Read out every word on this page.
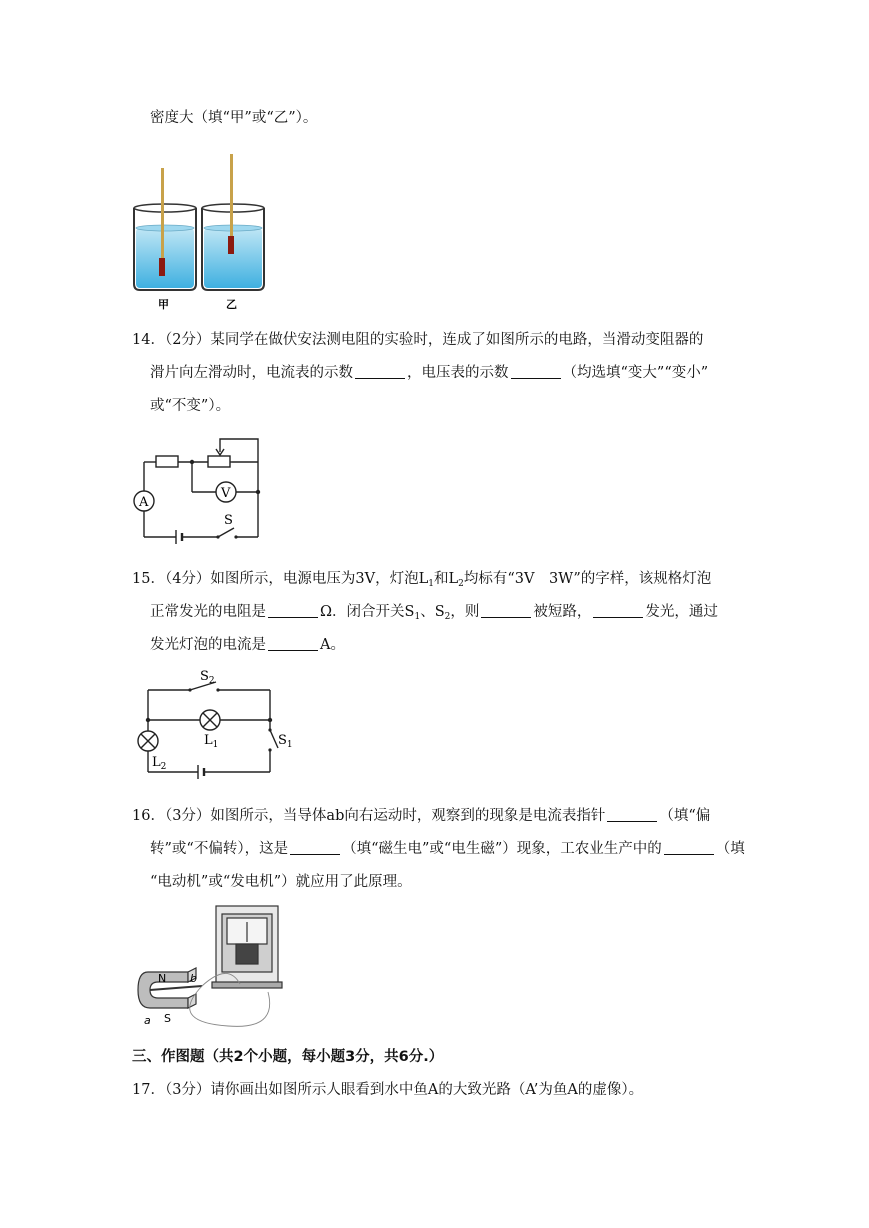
密度大（填“甲”或“乙”）。
甲	乙
14．（2分）某同学在做伏安法测电阻的实验时，连成了如图所示的电路，当滑动变阻器的
滑片向左滑动时，电流表的示数	，电压表的示数	（均选填“变大”“变小”
或“不变”）。
A
V
S
15．（4分）如图所示，电源电压为3V，灯泡$L_1$和$L_2$均标有“3V　3W”的字样，该规格灯泡
正常发光的电阻是	Ω．闭合开关$S_1$、$S_2$，则	被短路，	发光，通过
发光灯泡的电流是	A。
$S_2$
$L_1$
$L_2$
$S_1$
16．（3分）如图所示，当导体ab向右运动时，观察到的现象是电流表指针	（填“偏
转”或“不偏转），这是	（填“磁生电”或“电生磁”）现象，工农业生产中的	（填
“电动机”或“发电机”）就应用了此原理。
N
S
a
b
三、作图题（共2个小题，每小题3分，共6分.）
17．（3分）请你画出如图所示人眼看到水中鱼A的大致光路（A’为鱼A的虚像）。
